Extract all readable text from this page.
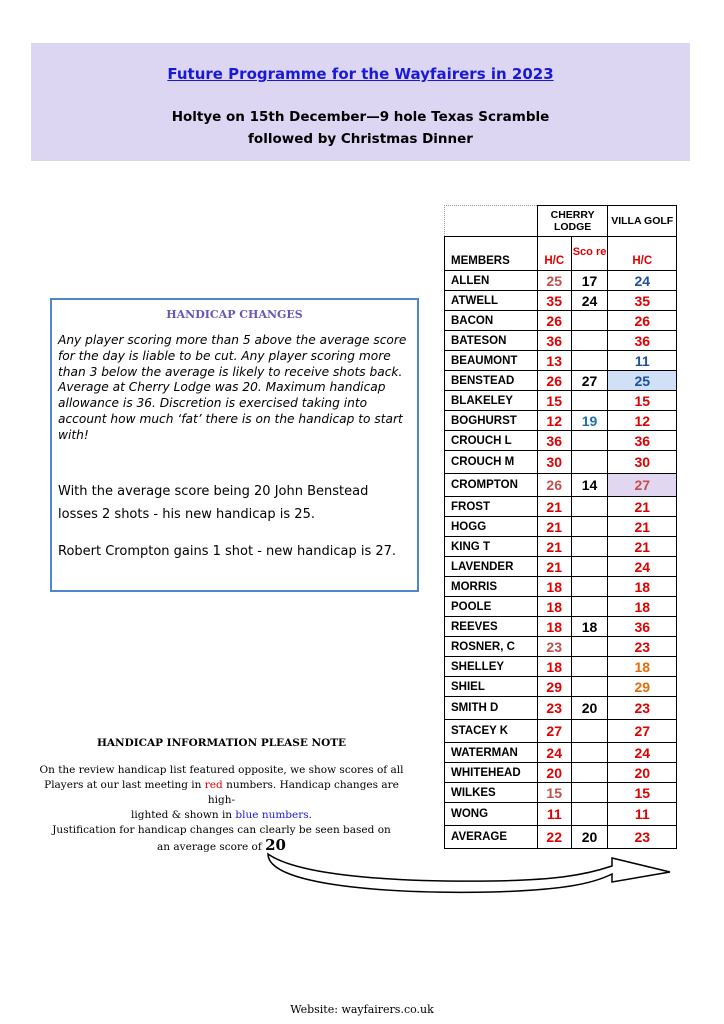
Future Programme for the Wayfairers in 2023
Holtye on 15th December—9 hole Texas Scramble
followed by Christmas Dinner
HANDICAP CHANGES
Any player scoring more than 5 above the average score for the day is liable to be cut. Any player scoring more than 3 below the average is likely to receive shots back.
Average at Cherry Lodge was 20. Maximum handicap allowance is 36. Discretion is exercised taking into account how much ‘fat’ there is on the handicap to start with!
With the average score being 20 John Benstead losses 2 shots - his new handicap is 25.
Robert Crompton gains 1 shot - new handicap is 27.
HANDICAP INFORMATION PLEASE NOTE
On the review handicap list featured opposite, we show scores of all
Players at our last meeting in red numbers. Handicap changes are high-
lighted & shown in blue numbers.
Justification for handicap changes can clearly be seen based on
an average score of 20
	CHERRY LODGE		VILLA GOLF
MEMBERS	H/C	Sco re	H/C
ALLEN	25	17	24
ATWELL	35	24	35
BACON	26		26
BATESON	36		36
BEAUMONT	13		11
BENSTEAD	26	27	25
BLAKELEY	15		15
BOGHURST	12	19	12
CROUCH L	36		36
CROUCH M	30		30
CROMPTON	26	14	27
FROST	21		21
HOGG	21		21
KING T	21		21
LAVENDER	21		24
MORRIS	18		18
POOLE	18		18
REEVES	18	18	36
ROSNER, C	23		23
SHELLEY	18		18
SHIEL	29		29
SMITH D	23	20	23
STACEY K	27		27
WATERMAN	24		24
WHITEHEAD	20		20
WILKES	15		15
WONG	11		11
AVERAGE	22	20	23
Website: wayfairers.co.uk
